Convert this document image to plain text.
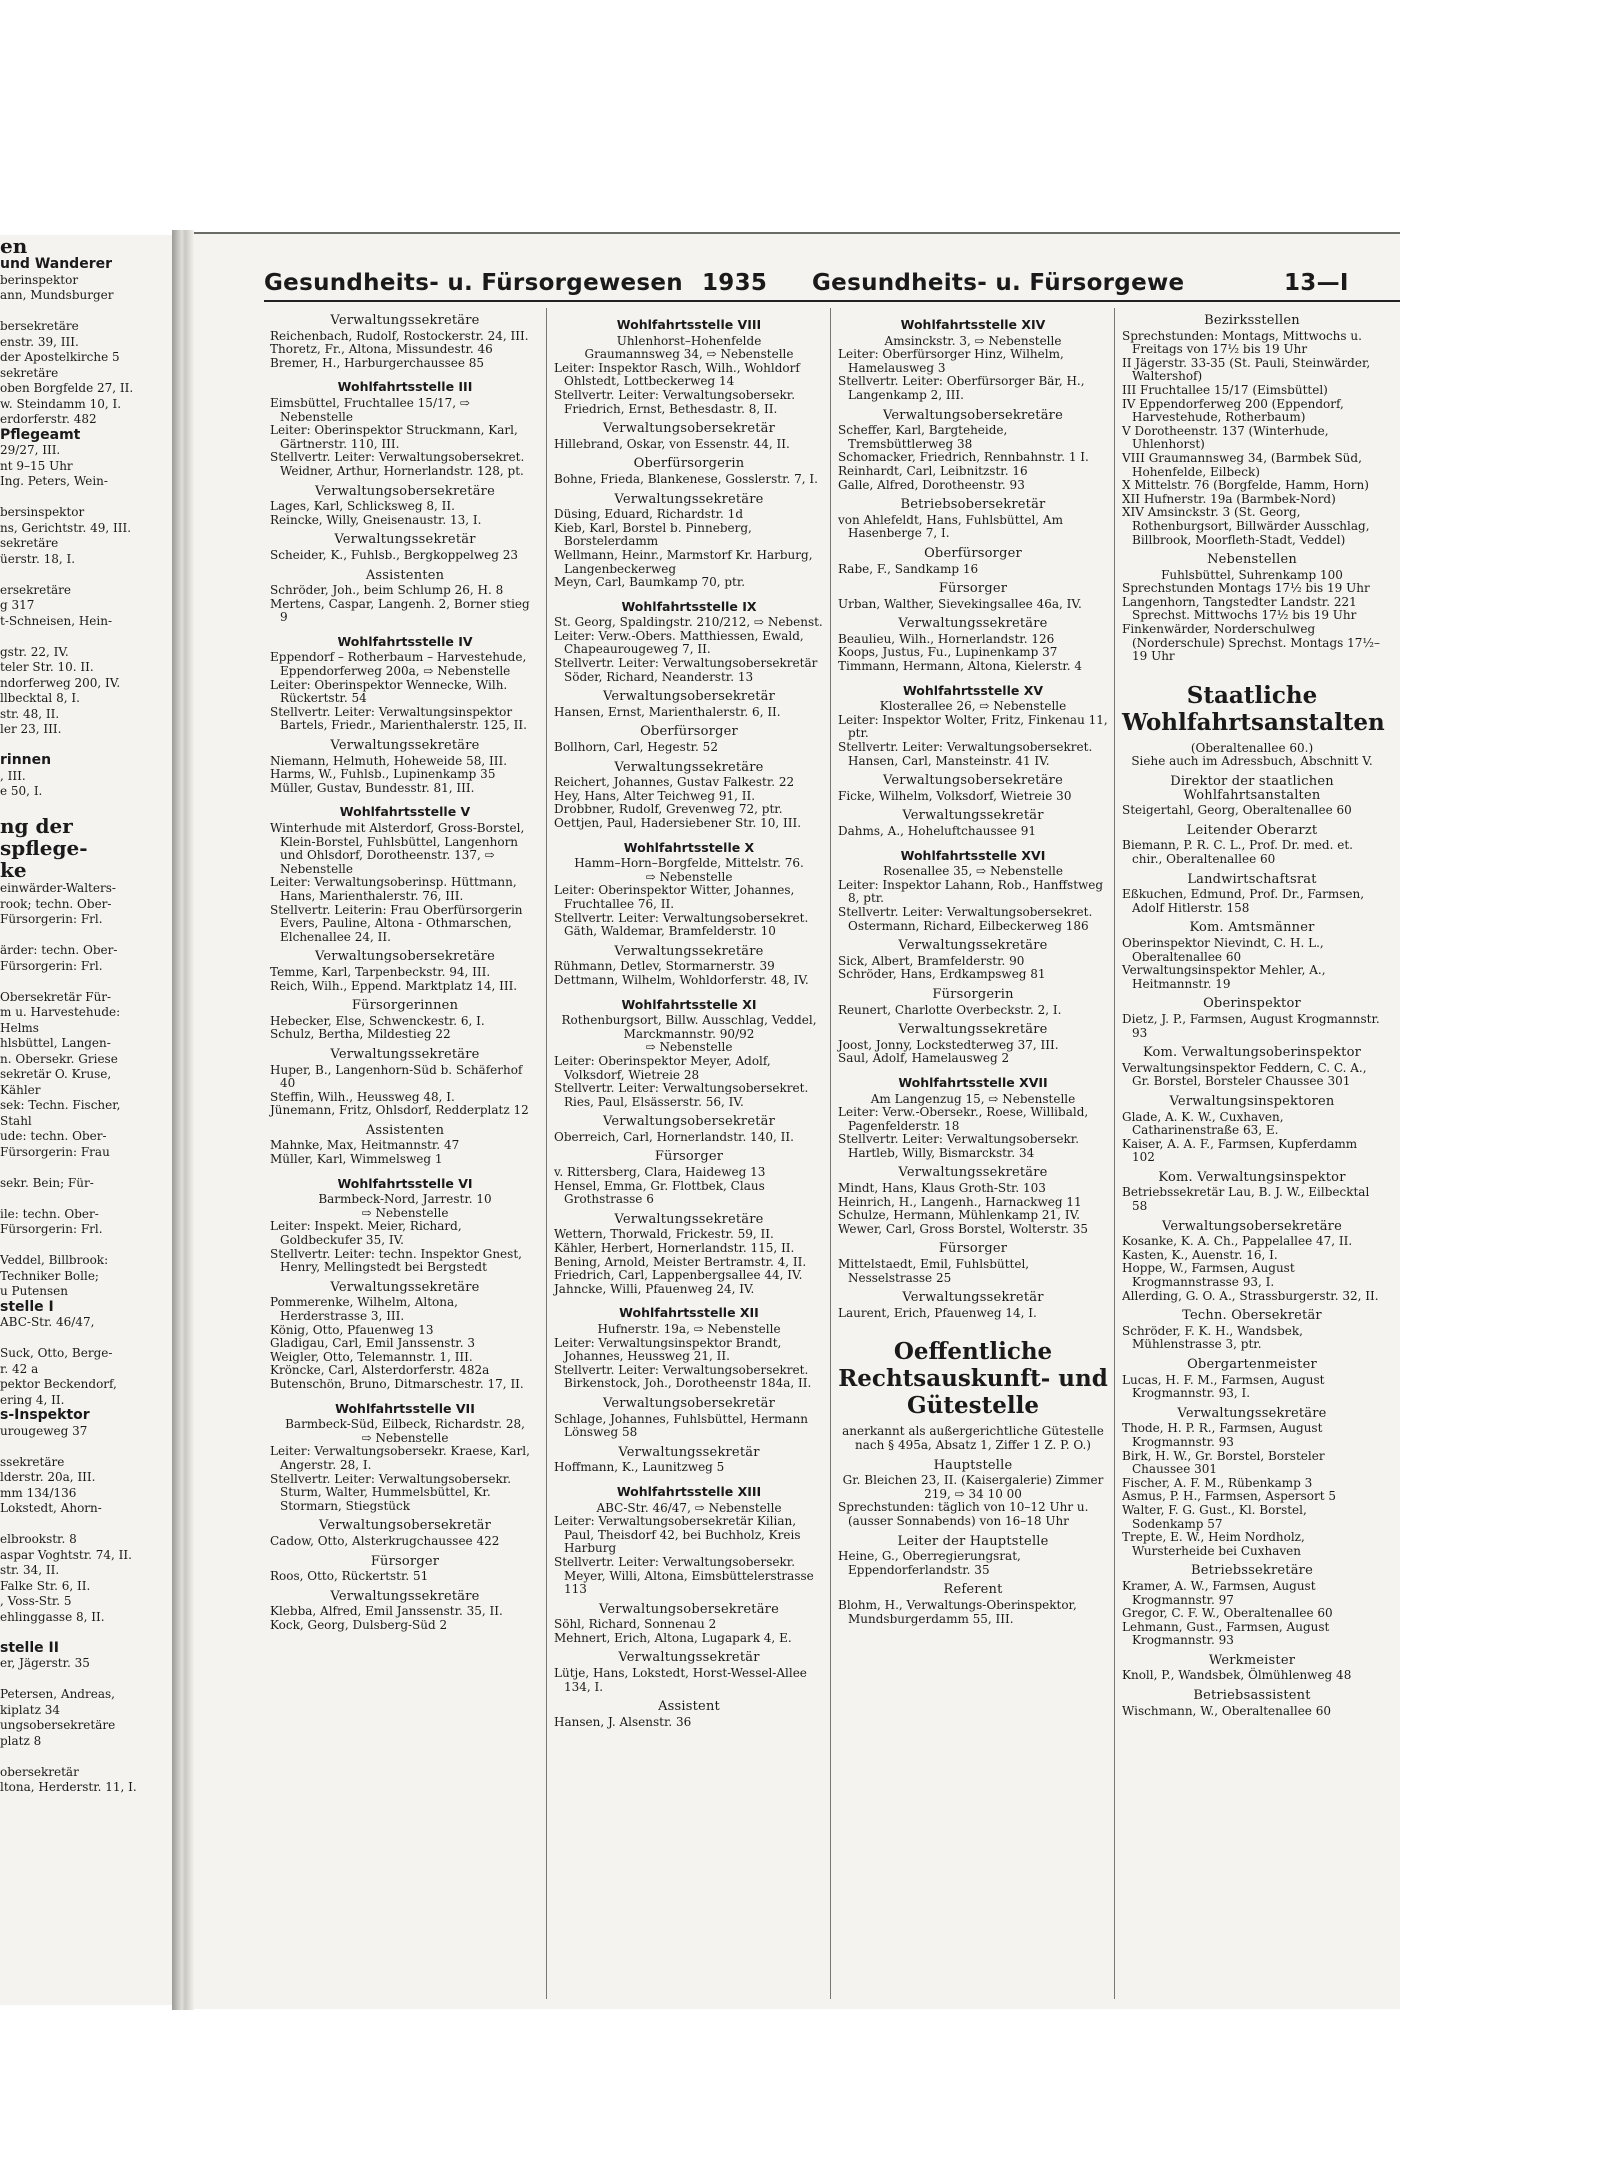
en
und Wanderer
berinspektor
ann, Mundsburger

bersekretäre
enstr. 39, III.
der Apostelkirche 5
sekretäre
oben Borgfelde 27, II.
w. Steindamm 10, I.
erdorferstr. 482
Pflegeamt
29/27, III.
nt 9–15 Uhr
Ing. Peters, Wein-

bersinspektor
ns, Gerichtstr. 49, III.
sekretäre
üerstr. 18, I.

ersekretäre
g 317
t-Schneisen, Hein-

gstr. 22, IV.
teler Str. 10. II.
ndorferweg 200, IV.
llbecktal 8, I.
str. 48, II.
ler 23, III.

rinnen
, III.
e 50, I.

ng der
spflege-
ke
einwärder-Walters-
rook; techn. Ober-
Fürsorgerin: Frl.

ärder: techn. Ober-
Fürsorgerin: Frl.

Obersekretär Für-
m u. Harvestehude:
Helms
hlsbüttel, Langen-
n. Obersekr. Griese
sekretär O. Kruse,
Kähler
sek: Techn. Fischer,
Stahl
ude: techn. Ober-
Fürsorgerin: Frau

sekr. Bein; Für-

ile: techn. Ober-
Fürsorgerin: Frl.

Veddel, Billbrook:
Techniker Bolle;
u Putensen
stelle I
ABC-Str. 46/47,

Suck, Otto, Berge-
r. 42 a
pektor Beckendorf,
ering 4, II.
s-Inspektor
urougeweg 37

ssekretäre
lderstr. 20a, III.
mm 134/136
Lokstedt, Ahorn-

elbrookstr. 8
aspar Voghtstr. 74, II.
str. 34, II.
Falke Str. 6, II.
, Voss-Str. 5
ehlinggasse 8, II.

stelle II
er, Jägerstr. 35

Petersen, Andreas,
kiplatz 34
ungsobersekretäre
platz 8

obersekretär
ltona, Herderstr. 11, I.
Gesundheits- u. Fürsorgewesen 1935 Gesundheits- u. Fürsorgewe	13—I
Verwaltungssekretäre
Reichenbach, Rudolf, Rostockerstr. 24, III.
Thoretz, Fr., Altona, Missundestr. 46
Bremer, H., Harburgerchaussee 85
Wohlfahrtsstelle III
Eimsbüttel, Fruchtallee 15/17, ⇨ Nebenstelle
Leiter: Oberinspektor Struckmann, Karl, Gärtnerstr. 110, III.
Stellvertr. Leiter: Verwaltungsobersekret. Weidner, Arthur, Hornerlandstr. 128, pt.
Verwaltungsobersekretäre
Lages, Karl, Schlicksweg 8, II.
Reincke, Willy, Gneisenaustr. 13, I.
Verwaltungssekretär
Scheider, K., Fuhlsb., Bergkoppelweg 23
Assistenten
Schröder, Joh., beim Schlump 26, H. 8
Mertens, Caspar, Langenh. 2, Borner stieg 9
Wohlfahrtsstelle IV
Eppendorf – Rotherbaum – Harvestehude, Eppendorferweg 200a, ⇨ Nebenstelle
Leiter: Oberinspektor Wennecke, Wilh. Rückertstr. 54
Stellvertr. Leiter: Verwaltungsinspektor Bartels, Friedr., Marienthalerstr. 125, II.
Verwaltungssekretäre
Niemann, Helmuth, Hoheweide 58, III.
Harms, W., Fuhlsb., Lupinenkamp 35
Müller, Gustav, Bundesstr. 81, III.
Wohlfahrtsstelle V
Winterhude mit Alsterdorf, Gross-Borstel, Klein-Borstel, Fuhlsbüttel, Langenhorn und Ohlsdorf, Dorotheenstr. 137, ⇨ Nebenstelle
Leiter: Verwaltungsoberinsp. Hüttmann, Hans, Marienthalerstr. 76, III.
Stellvertr. Leiterin: Frau Oberfürsorgerin Evers, Pauline, Altona - Othmarschen, Elchenallee 24, II.
Verwaltungsobersekretäre
Temme, Karl, Tarpenbeckstr. 94, III.
Reich, Wilh., Eppend. Marktplatz 14, III.
Fürsorgerinnen
Hebecker, Else, Schwenckestr. 6, I.
Schulz, Bertha, Mildestieg 22
Verwaltungssekretäre
Huper, B., Langenhorn-Süd b. Schäferhof 40
Steffin, Wilh., Heussweg 48, I.
Jünemann, Fritz, Ohlsdorf, Redderplatz 12
Assistenten
Mahnke, Max, Heitmannstr. 47
Müller, Karl, Wimmelsweg 1
Wohlfahrtsstelle VI
Barmbeck-Nord, Jarrestr. 10
⇨ Nebenstelle
Leiter: Inspekt. Meier, Richard, Goldbeckufer 35, IV.
Stellvertr. Leiter: techn. Inspektor Gnest, Henry, Mellingstedt bei Bergstedt
Verwaltungssekretäre
Pommerenke, Wilhelm, Altona, Herderstrasse 3, III.
König, Otto, Pfauenweg 13
Gladigau, Carl, Emil Janssenstr. 3
Weigler, Otto, Telemannstr. 1, III.
Kröncke, Carl, Alsterdorferstr. 482a
Butenschön, Bruno, Ditmarschestr. 17, II.
Wohlfahrtsstelle VII
Barmbeck-Süd, Eilbeck, Richardstr. 28,
⇨ Nebenstelle
Leiter: Verwaltungsobersekr. Kraese, Karl, Angerstr. 28, I.
Stellvertr. Leiter: Verwaltungsobersekr. Sturm, Walter, Hummelsbüttel, Kr. Stormarn, Stiegstück
Verwaltungsobersekretär
Cadow, Otto, Alsterkrugchaussee 422
Fürsorger
Roos, Otto, Rückertstr. 51
Verwaltungssekretäre
Klebba, Alfred, Emil Janssenstr. 35, II.
Kock, Georg, Dulsberg-Süd 2
Wohlfahrtsstelle VIII
Uhlenhorst–Hohenfelde
Graumannsweg 34, ⇨ Nebenstelle
Leiter: Inspektor Rasch, Wilh., Wohldorf Ohlstedt, Lottbeckerweg 14
Stellvertr. Leiter: Verwaltungsobersekr. Friedrich, Ernst, Bethesdastr. 8, II.
Verwaltungsobersekretär
Hillebrand, Oskar, von Essenstr. 44, II.
Oberfürsorgerin
Bohne, Frieda, Blankenese, Gosslerstr. 7, I.
Verwaltungssekretäre
Düsing, Eduard, Richardstr. 1d
Kieb, Karl, Borstel b. Pinneberg, Borstelerdamm
Wellmann, Heinr., Marmstorf Kr. Harburg, Langenbeckerweg
Meyn, Carl, Baumkamp 70, ptr.
Wohlfahrtsstelle IX
St. Georg, Spaldingstr. 210/212, ⇨ Nebenst.
Leiter: Verw.-Obers. Matthiessen, Ewald, Chapeaurougeweg 7, II.
Stellvertr. Leiter: Verwaltungsobersekretär Söder, Richard, Neanderstr. 13
Verwaltungsobersekretär
Hansen, Ernst, Marienthalerstr. 6, II.
Oberfürsorger
Bollhorn, Carl, Hegestr. 52
Verwaltungssekretäre
Reichert, Johannes, Gustav Falkestr. 22
Hey, Hans, Alter Teichweg 91, II.
Drobbner, Rudolf, Grevenweg 72, ptr.
Oettjen, Paul, Hadersiebener Str. 10, III.
Wohlfahrtsstelle X
Hamm–Horn–Borgfelde, Mittelstr. 76.
⇨ Nebenstelle
Leiter: Oberinspektor Witter, Johannes, Fruchtallee 76, II.
Stellvertr. Leiter: Verwaltungsobersekret. Gäth, Waldemar, Bramfelderstr. 10
Verwaltungssekretäre
Rühmann, Detlev, Stormarnerstr. 39
Dettmann, Wilhelm, Wohldorferstr. 48, IV.
Wohlfahrtsstelle XI
Rothenburgsort, Billw. Ausschlag, Veddel, Marckmannstr. 90/92
⇨ Nebenstelle
Leiter: Oberinspektor Meyer, Adolf, Volksdorf, Wietreie 28
Stellvertr. Leiter: Verwaltungsobersekret. Ries, Paul, Elsässerstr. 56, IV.
Verwaltungsobersekretär
Oberreich, Carl, Hornerlandstr. 140, II.
Fürsorger
v. Rittersberg, Clara, Haideweg 13
Hensel, Emma, Gr. Flottbek, Claus Grothstrasse 6
Verwaltungssekretäre
Wettern, Thorwald, Frickestr. 59, II.
Kähler, Herbert, Hornerlandstr. 115, II.
Bening, Arnold, Meister Bertramstr. 4, II.
Friedrich, Carl, Lappenbergsallee 44, IV.
Jahncke, Willi, Pfauenweg 24, IV.
Wohlfahrtsstelle XII
Hufnerstr. 19a, ⇨ Nebenstelle
Leiter: Verwaltungsinspektor Brandt, Johannes, Heussweg 21, II.
Stellvertr. Leiter: Verwaltungsobersekret. Birkenstock, Joh., Dorotheenstr 184a, II.
Verwaltungsobersekretär
Schlage, Johannes, Fuhlsbüttel, Hermann Lönsweg 58
Verwaltungssekretär
Hoffmann, K., Launitzweg 5
Wohlfahrtsstelle XIII
ABC-Str. 46/47, ⇨ Nebenstelle
Leiter: Verwaltungsobersekretär Kilian, Paul, Theisdorf 42, bei Buchholz, Kreis Harburg
Stellvertr. Leiter: Verwaltungsobersekr. Meyer, Willi, Altona, Eimsbüttelerstrasse 113
Verwaltungsobersekretäre
Söhl, Richard, Sonnenau 2
Mehnert, Erich, Altona, Lugapark 4, E.
Verwaltungssekretär
Lütje, Hans, Lokstedt, Horst-Wessel-Allee 134, I.
Assistent
Hansen, J. Alsenstr. 36
Wohlfahrtsstelle XIV
Amsinckstr. 3, ⇨ Nebenstelle
Leiter: Oberfürsorger Hinz, Wilhelm, Hamelausweg 3
Stellvertr. Leiter: Oberfürsorger Bär, H., Langenkamp 2, III.
Verwaltungsobersekretäre
Scheffer, Karl, Bargteheide, Tremsbüttlerweg 38
Schomacker, Friedrich, Rennbahnstr. 1 I.
Reinhardt, Carl, Leibnitzstr. 16
Galle, Alfred, Dorotheenstr. 93
Betriebsobersekretär
von Ahlefeldt, Hans, Fuhlsbüttel, Am Hasenberge 7, I.
Oberfürsorger
Rabe, F., Sandkamp 16
Fürsorger
Urban, Walther, Sievekingsallee 46a, IV.
Verwaltungssekretäre
Beaulieu, Wilh., Hornerlandstr. 126
Koops, Justus, Fu., Lupinenkamp 37
Timmann, Hermann, Altona, Kielerstr. 4
Wohlfahrtsstelle XV
Klosterallee 26, ⇨ Nebenstelle
Leiter: Inspektor Wolter, Fritz, Finkenau 11, ptr.
Stellvertr. Leiter: Verwaltungsobersekret. Hansen, Carl, Mansteinstr. 41 IV.
Verwaltungsobersekretäre
Ficke, Wilhelm, Volksdorf, Wietreie 30
Verwaltungssekretär
Dahms, A., Hoheluftchaussee 91
Wohlfahrtsstelle XVI
Rosenallee 35, ⇨ Nebenstelle
Leiter: Inspektor Lahann, Rob., Hanffstweg 8, ptr.
Stellvertr. Leiter: Verwaltungsobersekret. Ostermann, Richard, Eilbeckerweg 186
Verwaltungssekretäre
Sick, Albert, Bramfelderstr. 90
Schröder, Hans, Erdkampsweg 81
Fürsorgerin
Reunert, Charlotte Overbeckstr. 2, I.
Verwaltungssekretäre
Joost, Jonny, Lockstedterweg 37, III.
Saul, Adolf, Hamelausweg 2
Wohlfahrtsstelle XVII
Am Langenzug 15, ⇨ Nebenstelle
Leiter: Verw.-Obersekr., Roese, Willibald, Pagenfelderstr. 18
Stellvertr. Leiter: Verwaltungsobersekr. Hartleb, Willy, Bismarckstr. 34
Verwaltungssekretäre
Mindt, Hans, Klaus Groth-Str. 103
Heinrich, H., Langenh., Harnackweg 11
Schulze, Hermann, Mühlenkamp 21, IV.
Wewer, Carl, Gross Borstel, Wolterstr. 35
Fürsorger
Mittelstaedt, Emil, Fuhlsbüttel, Nesselstrasse 25
Verwaltungssekretär
Laurent, Erich, Pfauenweg 14, I.
Oeffentliche Rechtsauskunft- und Gütestelle
anerkannt als außergerichtliche Gütestelle nach § 495a, Absatz 1, Ziffer 1 Z. P. O.)
Hauptstelle
Gr. Bleichen 23, II. (Kaisergalerie) Zimmer 219, ⇨ 34 10 00
Sprechstunden: täglich von 10–12 Uhr u. (ausser Sonnabends) von 16–18 Uhr
Leiter der Hauptstelle
Heine, G., Oberregierungsrat, Eppendorferlandstr. 35
Referent
Blohm, H., Verwaltungs-Oberinspektor, Mundsburgerdamm 55, III.
Bezirksstellen
Sprechstunden: Montags, Mittwochs u. Freitags von 17½ bis 19 Uhr
II Jägerstr. 33-35 (St. Pauli, Steinwärder, Waltershof)
III Fruchtallee 15/17 (Eimsbüttel)
IV Eppendorferweg 200 (Eppendorf, Harvestehude, Rotherbaum)
V Dorotheenstr. 137 (Winterhude, Uhlenhorst)
VIII Graumannsweg 34, (Barmbek Süd, Hohenfelde, Eilbeck)
X Mittelstr. 76 (Borgfelde, Hamm, Horn)
XII Hufnerstr. 19a (Barmbek-Nord)
XIV Amsinckstr. 3 (St. Georg, Rothenburgsort, Billwärder Ausschlag, Billbrook, Moorfleth-Stadt, Veddel)
Nebenstellen
Fuhlsbüttel, Suhrenkamp 100
Sprechstunden Montags 17½ bis 19 Uhr
Langenhorn, Tangstedter Landstr. 221 Sprechst. Mittwochs 17½ bis 19 Uhr
Finkenwärder, Norderschulweg (Norderschule) Sprechst. Montags 17½–19 Uhr
Staatliche Wohlfahrtsanstalten
(Oberaltenallee 60.)
Siehe auch im Adressbuch, Abschnitt V.
Direktor der staatlichen Wohlfahrtsanstalten
Steigertahl, Georg, Oberaltenallee 60
Leitender Oberarzt
Biemann, P. R. C. L., Prof. Dr. med. et. chir., Oberaltenallee 60
Landwirtschaftsrat
Eßkuchen, Edmund, Prof. Dr., Farmsen, Adolf Hitlerstr. 158
Kom. Amtsmänner
Oberinspektor Nievindt, C. H. L., Oberaltenallee 60
Verwaltungsinspektor Mehler, A., Heitmannstr. 19
Oberinspektor
Dietz, J. P., Farmsen, August Krogmannstr. 93
Kom. Verwaltungsoberinspektor
Verwaltungsinspektor Feddern, C. C. A., Gr. Borstel, Borsteler Chaussee 301
Verwaltungsinspektoren
Glade, A. K. W., Cuxhaven, Catharinenstraße 63, E.
Kaiser, A. A. F., Farmsen, Kupferdamm 102
Kom. Verwaltungsinspektor
Betriebssekretär Lau, B. J. W., Eilbecktal 58
Verwaltungsobersekretäre
Kosanke, K. A. Ch., Pappelallee 47, II.
Kasten, K., Auenstr. 16, I.
Hoppe, W., Farmsen, August Krogmannstrasse 93, I.
Allerding, G. O. A., Strassburgerstr. 32, II.
Techn. Obersekretär
Schröder, F. K. H., Wandsbek, Mühlenstrasse 3, ptr.
Obergartenmeister
Lucas, H. F. M., Farmsen, August Krogmannstr. 93, I.
Verwaltungssekretäre
Thode, H. P. R., Farmsen, August Krogmannstr. 93
Birk, H. W., Gr. Borstel, Borsteler Chaussee 301
Fischer, A. F. M., Rübenkamp 3
Asmus, P. H., Farmsen, Aspersort 5
Walter, F. G. Gust., Kl. Borstel, Sodenkamp 57
Trepte, E. W., Heim Nordholz, Wursterheide bei Cuxhaven
Betriebssekretäre
Kramer, A. W., Farmsen, August Krogmannstr. 97
Gregor, C. F. W., Oberaltenallee 60
Lehmann, Gust., Farmsen, August Krogmannstr. 93
Werkmeister
Knoll, P., Wandsbek, Ölmühlenweg 48
Betriebsassistent
Wischmann, W., Oberaltenallee 60
